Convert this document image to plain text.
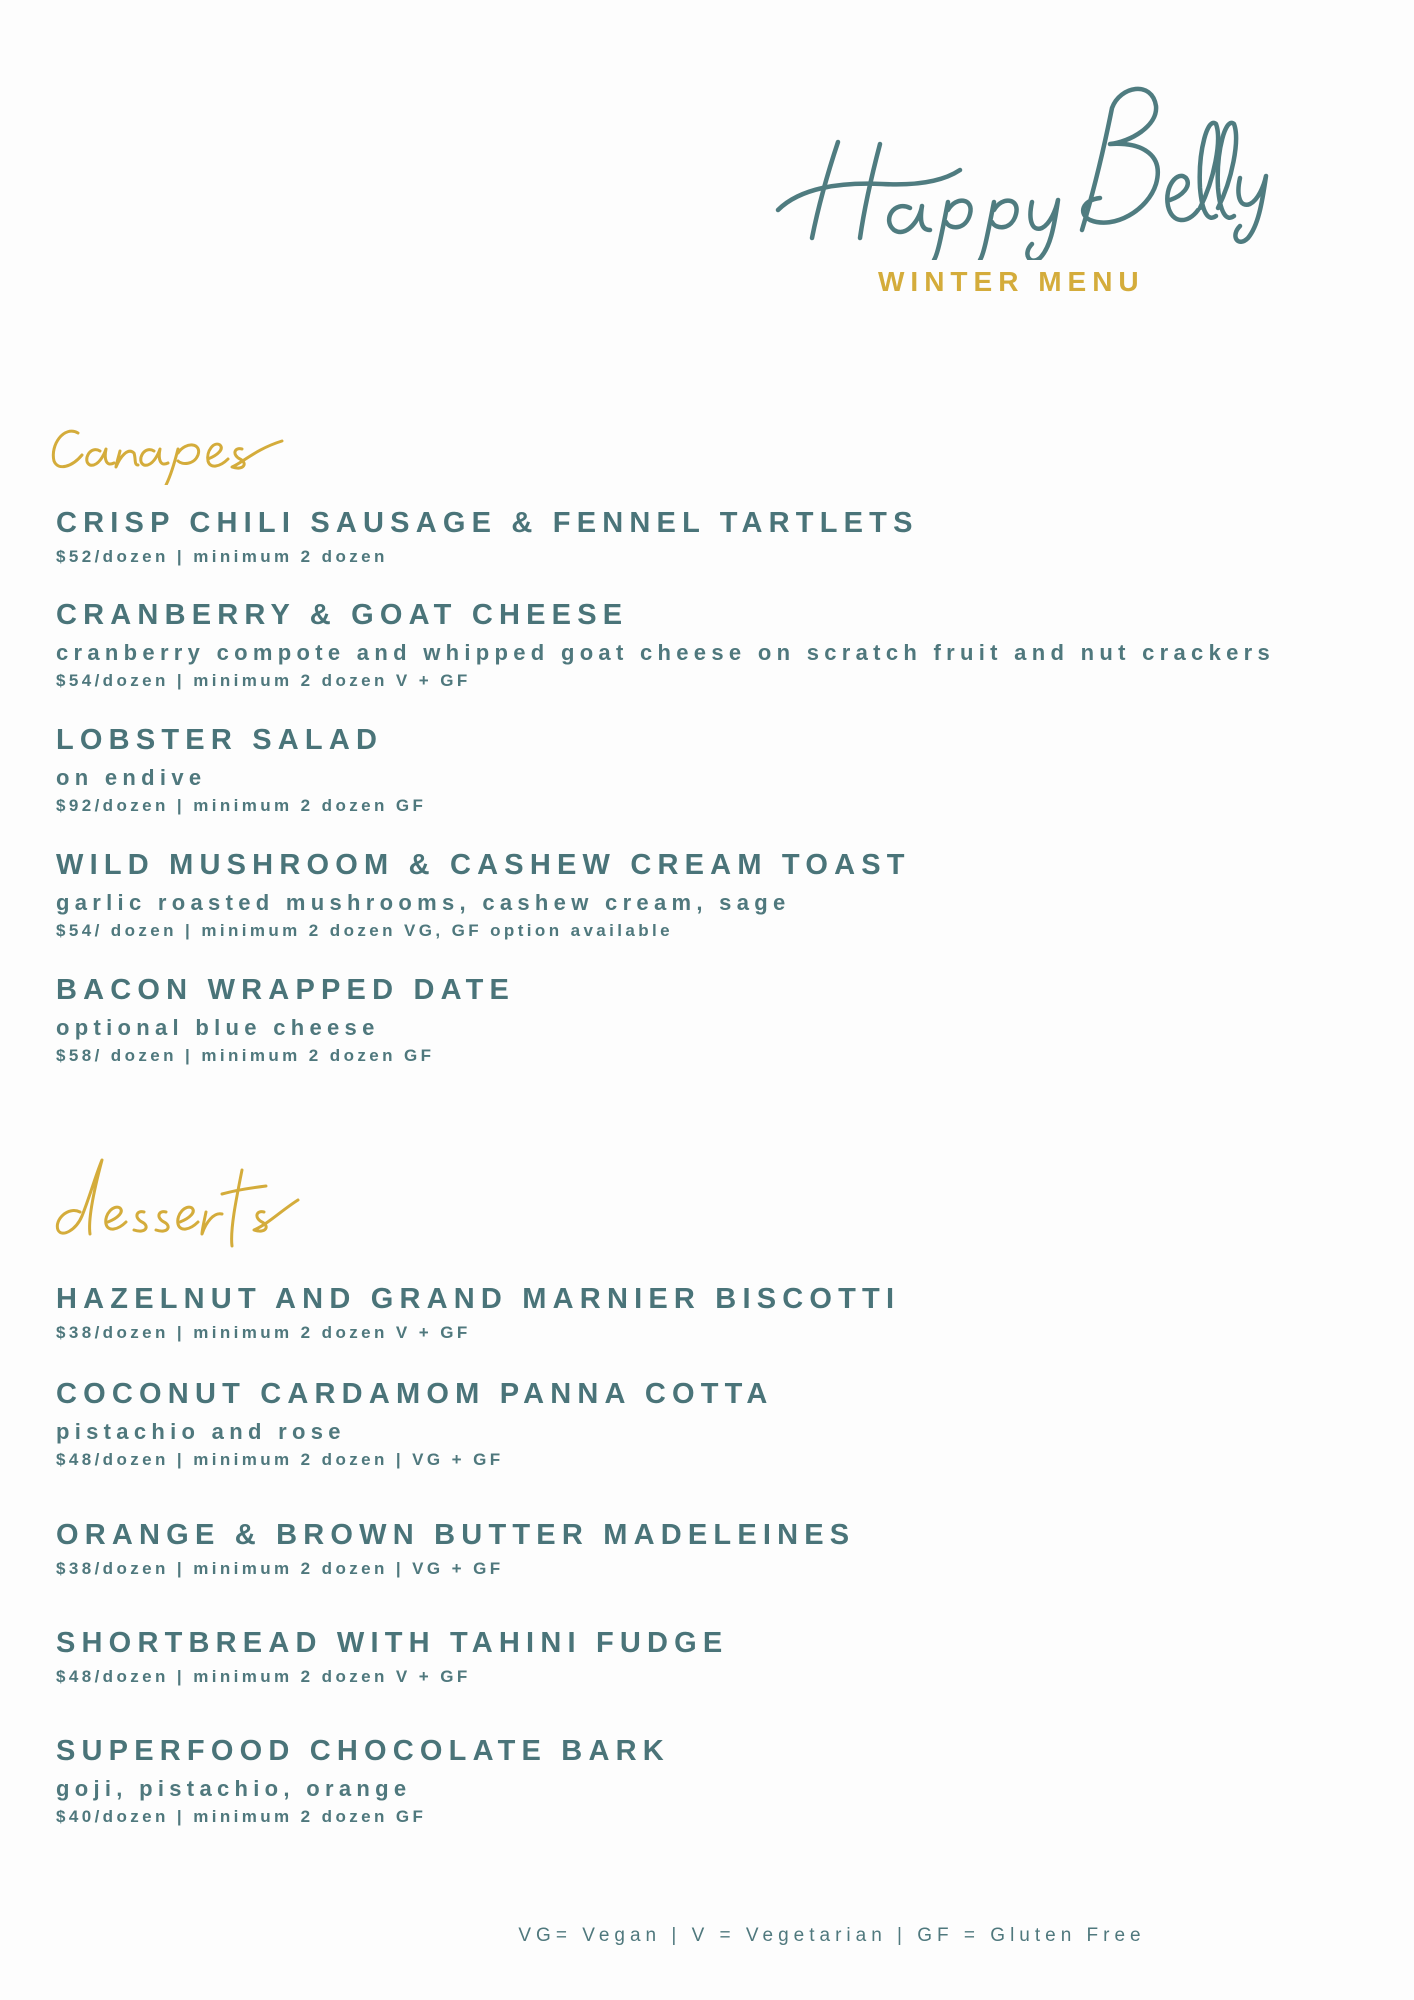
WINTER MENU
CRISP CHILI SAUSAGE & FENNEL TARTLETS
$52/dozen | minimum 2 dozen
CRANBERRY & GOAT CHEESE
cranberry compote and whipped goat cheese on scratch fruit and nut crackers
$54/dozen | minimum 2 dozen V + GF
LOBSTER SALAD
on endive
$92/dozen | minimum 2 dozen GF
WILD MUSHROOM & CASHEW CREAM TOAST
garlic roasted mushrooms, cashew cream, sage
$54/ dozen | minimum 2 dozen VG, GF option available
BACON WRAPPED DATE
optional blue cheese
$58/ dozen | minimum 2 dozen GF
HAZELNUT AND GRAND MARNIER BISCOTTI
$38/dozen | minimum 2 dozen V + GF
COCONUT CARDAMOM PANNA COTTA
pistachio and rose
$48/dozen | minimum 2 dozen | VG + GF
ORANGE & BROWN BUTTER MADELEINES
$38/dozen | minimum 2 dozen | VG + GF
SHORTBREAD WITH TAHINI FUDGE
$48/dozen | minimum 2 dozen V + GF
SUPERFOOD CHOCOLATE BARK
goji, pistachio, orange
$40/dozen | minimum 2 dozen GF
VG= Vegan | V = Vegetarian | GF = Gluten Free
